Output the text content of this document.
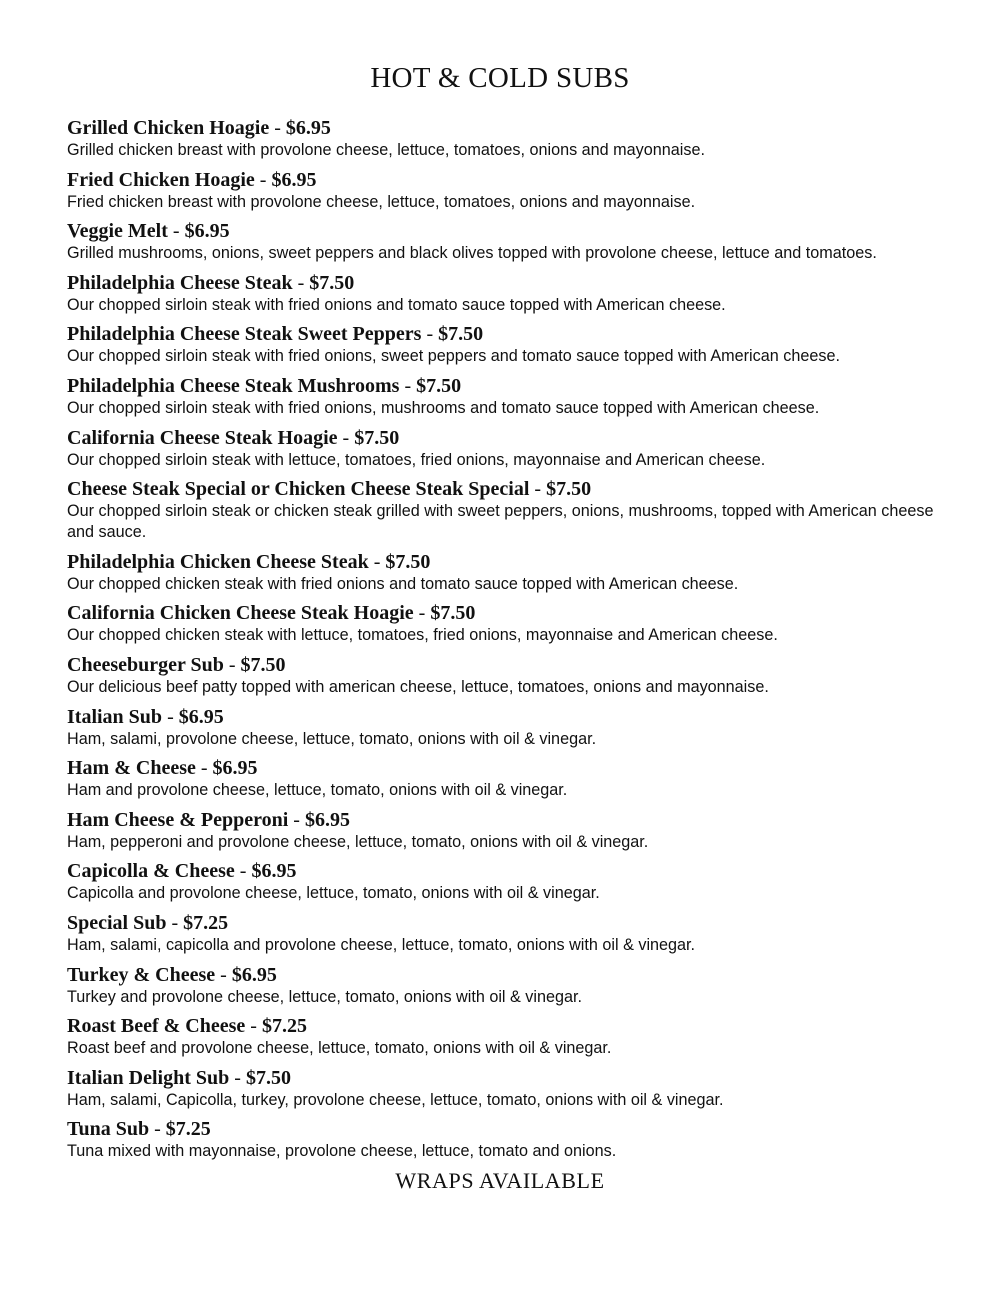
HOT & COLD SUBS
Grilled Chicken Hoagie - $6.95
Grilled chicken breast with provolone cheese, lettuce, tomatoes, onions and mayonnaise.
Fried Chicken Hoagie - $6.95
Fried chicken breast with provolone cheese, lettuce, tomatoes, onions and mayonnaise.
Veggie Melt - $6.95
Grilled mushrooms, onions, sweet peppers and black olives topped with provolone cheese, lettuce and tomatoes.
Philadelphia Cheese Steak - $7.50
Our chopped sirloin steak with fried onions and tomato sauce topped with American cheese.
Philadelphia Cheese Steak Sweet Peppers - $7.50
Our chopped sirloin steak with fried onions, sweet peppers and tomato sauce topped with American cheese.
Philadelphia Cheese Steak Mushrooms - $7.50
Our chopped sirloin steak with fried onions, mushrooms and tomato sauce topped with American cheese.
California Cheese Steak Hoagie - $7.50
Our chopped sirloin steak with lettuce, tomatoes, fried onions, mayonnaise and American cheese.
Cheese Steak Special or Chicken Cheese Steak Special - $7.50
Our chopped sirloin steak or chicken steak grilled with sweet peppers, onions, mushrooms, topped with American cheese and sauce.
Philadelphia Chicken Cheese Steak - $7.50
Our chopped chicken steak with fried onions and tomato sauce topped with American cheese.
California Chicken Cheese Steak Hoagie - $7.50
Our chopped chicken steak with lettuce, tomatoes, fried onions, mayonnaise and American cheese.
Cheeseburger Sub - $7.50
Our delicious beef patty topped with american cheese, lettuce, tomatoes, onions and mayonnaise.
Italian Sub - $6.95
Ham, salami, provolone cheese, lettuce, tomato, onions with oil & vinegar.
Ham & Cheese - $6.95
Ham and provolone cheese, lettuce, tomato, onions with oil & vinegar.
Ham Cheese & Pepperoni - $6.95
Ham, pepperoni and provolone cheese, lettuce, tomato, onions with oil & vinegar.
Capicolla & Cheese - $6.95
Capicolla and provolone cheese, lettuce, tomato, onions with oil & vinegar.
Special Sub - $7.25
Ham, salami, capicolla and provolone cheese, lettuce, tomato, onions with oil & vinegar.
Turkey & Cheese - $6.95
Turkey and provolone cheese, lettuce, tomato, onions with oil & vinegar.
Roast Beef & Cheese - $7.25
Roast beef and provolone cheese, lettuce, tomato, onions with oil & vinegar.
Italian Delight Sub - $7.50
Ham, salami, Capicolla, turkey, provolone cheese, lettuce, tomato, onions with oil & vinegar.
Tuna Sub - $7.25
Tuna mixed with mayonnaise, provolone cheese, lettuce, tomato and onions.
WRAPS AVAILABLE
